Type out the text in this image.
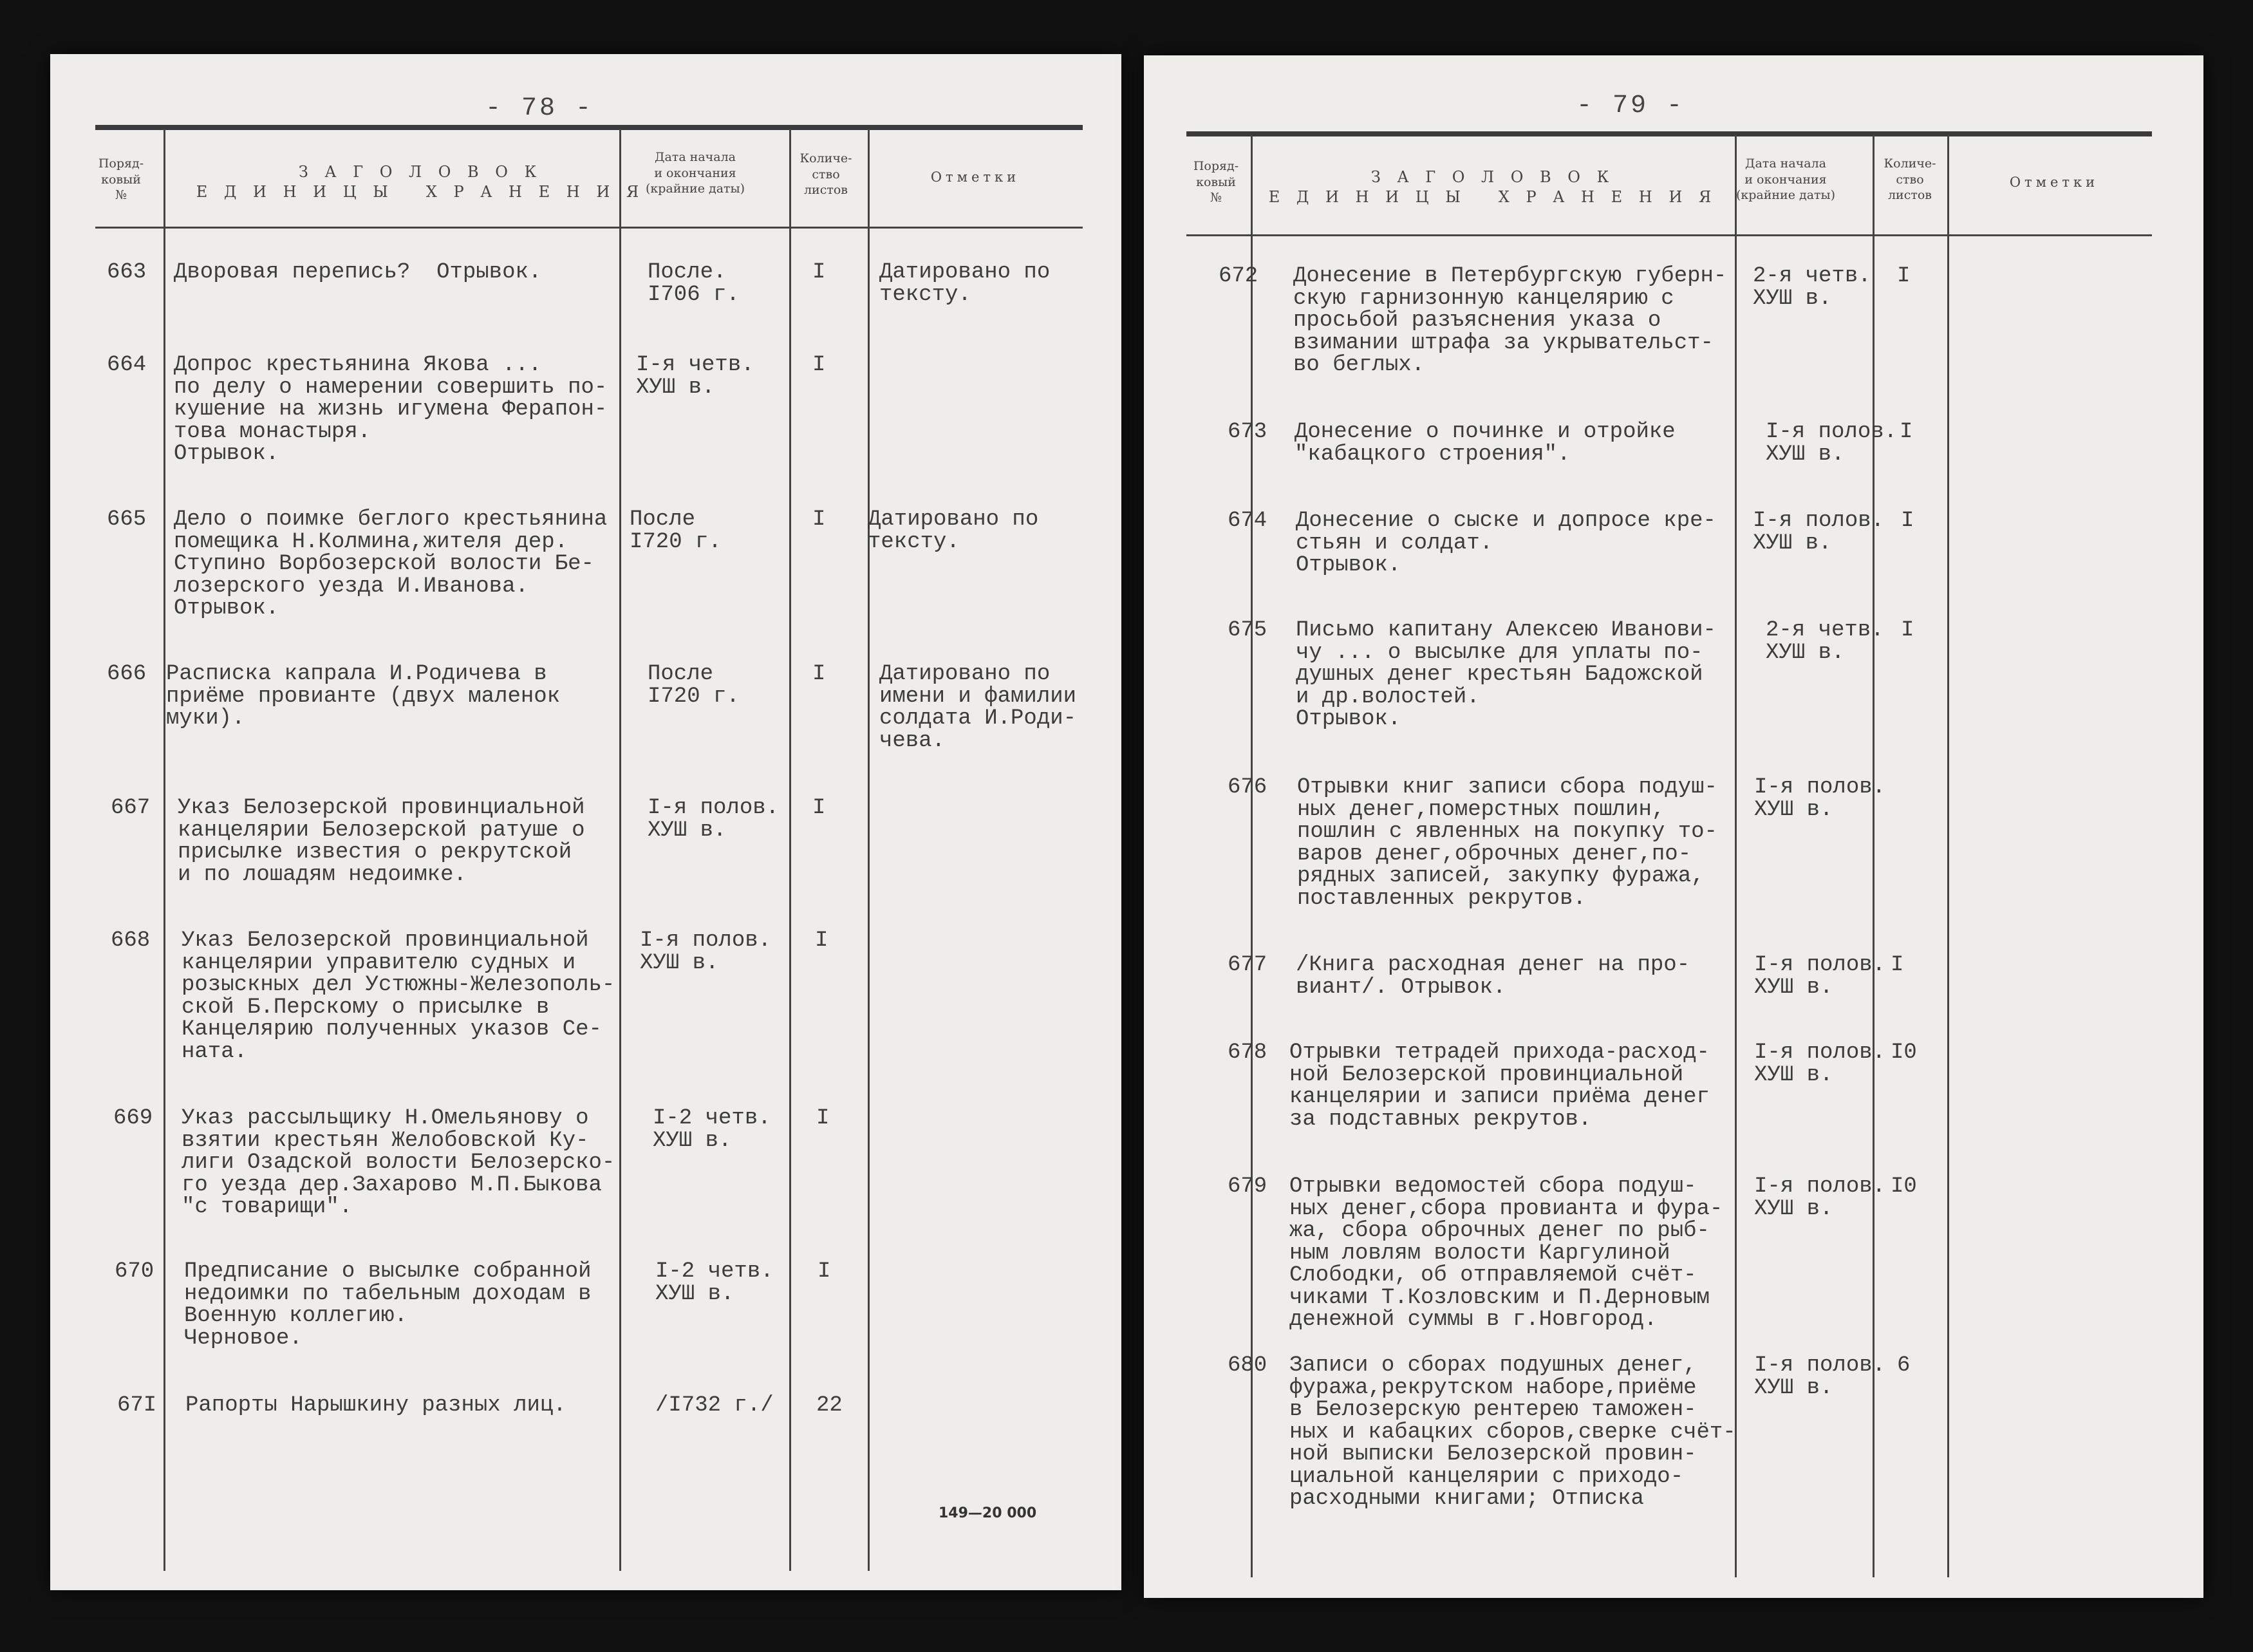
- 78 -
Поряд-
ковый
№
З А Г О Л О В О К
Е Д И Н И Ц Ы   Х Р А Н Е Н И Я
Дата начала
и окончания
(крайние даты)
Количе-
ство
листов
Отметки
663 Дворовая перепись?  Отрывок.	После.
I706 г.
I Датировано по
тексту.
664 Допрос крестьянина Якова ...
по делу о намерении совершить по-
кушение на жизнь игумена Ферапон-
това монастыря.
Отрывок.
I-я четв.
ХУШ в.
I
665 Дело о поимке беглого крестьянина
помещика Н.Колмина,жителя дер.
Ступино Ворбозерской волости Бе-
лозерского уезда И.Иванова.
Отрывок.
После
I720 г.
I Датировано по
тексту.
666 Расписка капрала И.Родичева в
приёме провианте (двух маленок
муки).
После
I720 г.
I Датировано по
имени и фамилии
солдата И.Роди-
чева.
667 Указ Белозерской провинциальной
канцелярии Белозерской ратуше о
присылке известия о рекрутской
и по лошадям недоимке.
I-я полов.
ХУШ в.
I
668 Указ Белозерской провинциальной
канцелярии управителю судных и
розыскных дел Устюжны-Железополь-
ской Б.Перскому о присылке в
Канцелярию полученных указов Се-
ната.
I-я полов.
ХУШ в.
I
669 Указ рассыльщику Н.Омельянову о
взятии крестьян Желобовской Ку-
лиги Озадской волости Белозерско-
го уезда дер.Захарово М.П.Быкова
"с товарищи".
I-2 четв.
ХУШ в.
I
670 Предписание о высылке собранной
недоимки по табельным доходам в
Военную коллегию.
Черновое.
I-2 четв.
ХУШ в.
I
67I Рапорты Нарышкину разных лиц.	/I732 г./ 22
149—20 000
- 79 -
Поряд-
ковый
№
З А Г О Л О В О К
Е Д И Н И Ц Ы   Х Р А Н Е Н И Я
Дата начала
и окончания
(крайние даты)
Количе-
ство
листов
Отметки
672 Донесение в Петербургскую губерн-
скую гарнизонную канцелярию с
просьбой разъяснения указа о
взимании штрафа за укрывательст-
во беглых.
2-я четв.
ХУШ в.
I
673 Донесение о починке и отройке
"кабацкого строения".
I-я полов.
ХУШ в.
I
674 Донесение о сыске и допросе кре-
стьян и солдат.
Отрывок.
I-я полов.
ХУШ в.
I
675 Письмо капитану Алексею Иванови-
чу ... о высылке для уплаты по-
душных денег крестьян Бадожской
и др.волостей.
Отрывок.
2-я четв.
ХУШ в.
I
676 Отрывки книг записи сбора подуш-
ных денег,померстных пошлин,
пошлин с явленных на покупку то-
варов денег,оброчных денег,по-
рядных записей, закупку фуража,
поставленных рекрутов.
I-я полов.
ХУШ в.
677 /Книга расходная денег на про-
виант/. Отрывок.
I-я полов.
ХУШ в.
I
678 Отрывки тетрадей прихода-расход-
ной Белозерской провинциальной
канцелярии и записи приёма денег
за подставных рекрутов.
I-я полов.
ХУШ в.
I0
679 Отрывки ведомостей сбора подуш-
ных денег,сбора провианта и фура-
жа, сбора оброчных денег по рыб-
ным ловлям волости Каргулиной
Слободки, об отправляемой счёт-
чиками Т.Козловским и П.Дерновым
денежной суммы в г.Новгород.
I-я полов.
ХУШ в.
I0
680 Записи о сборах подушных денег,
фуража,рекрутском наборе,приёме
в Белозерскую рентерею таможен-
ных и кабацких сборов,сверке счёт-
ной выписки Белозерской провин-
циальной канцелярии с приходо-
расходными книгами; Отписка
I-я полов.
ХУШ в.
6
